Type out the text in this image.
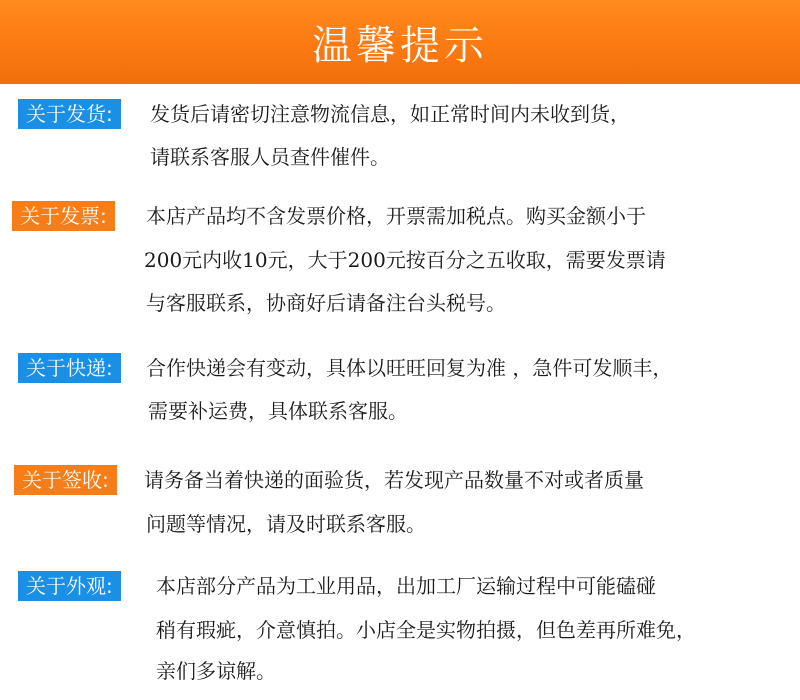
温馨提示
关于发货:	发货后请密切注意物流信息，如正常时间内未收到货，
请联系客服人员查件催件。
关于发票:	本店产品均不含发票价格，开票需加税点。购买金额小于
200元内收10元，大于200元按百分之五收取，需要发票请
与客服联系，协商好后请备注台头税号。
关于快递:	合作快递会有变动，具体以旺旺回复为准 ，急件可发顺丰，
需要补运费，具体联系客服。
关于签收:	请务备当着快递的面验货，若发现产品数量不对或者质量
问题等情况，请及时联系客服。
关于外观:	本店部分产品为工业用品，出加工厂运输过程中可能磕碰
稍有瑕疵，介意慎拍。小店全是实物拍摄，但色差再所难免，
亲们多谅解。
